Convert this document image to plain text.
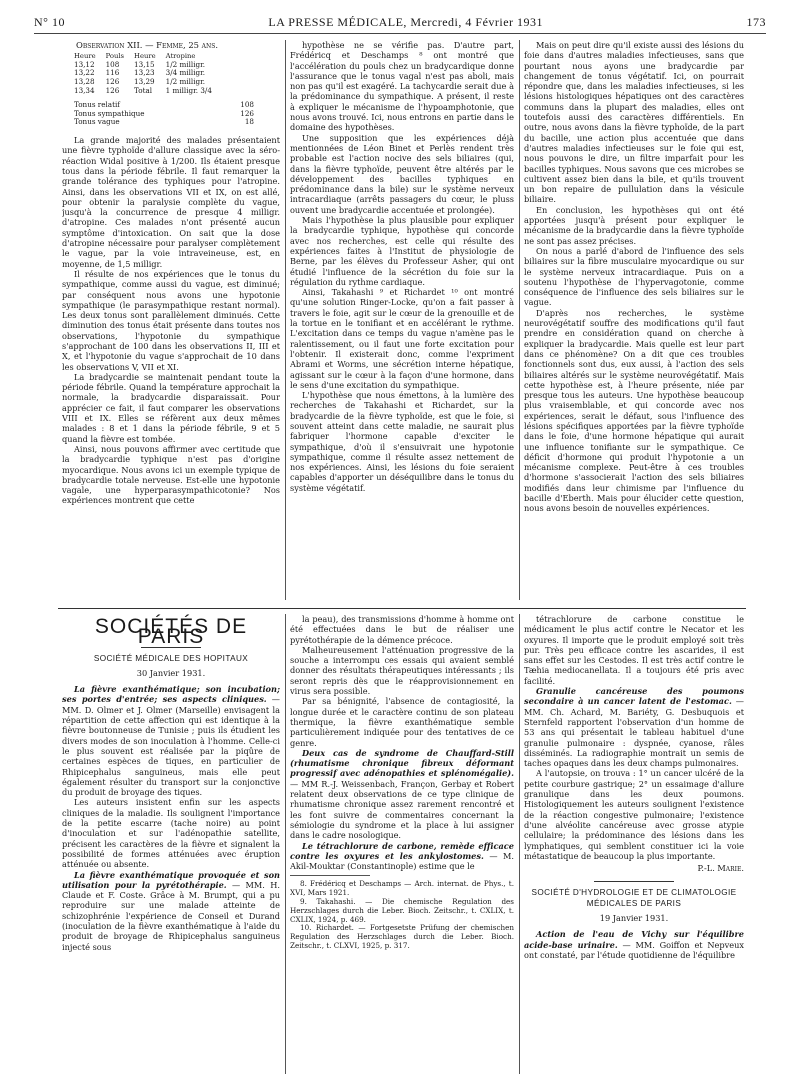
N° 10	LA PRESSE MÉDICALE, Mercredi, 4 Février 1931	173
Observation XII. — Femme, 25 ans.
Heure	Pouls	Heure	Atropine
13,12	108	13,15	1/2 milligr.
13,22	116	13,23	3/4 milligr.
13,28	126	13,29	1/2 milligr.
13,34	126	Total	1 milligr. 3/4
Tonus relatif	108
Tonus sympathique	126
Tonus vague	18

La grande majorité des malades présentaient une fièvre typhoïde d'allure classique avec la séro-réaction Widal positive à 1/200. Ils étaient presque tous dans la période fébrile. Il faut remarquer la grande tolérance des typhiques pour l'atropine. Ainsi, dans les observations VII et IX, on est allé, pour obtenir la paralysie complète du vague, jusqu'à la concurrence de presque 4 milligr. d'atropine. Ces malades n'ont présenté aucun symptôme d'intoxication. On sait que la dose d'atropine nécessaire pour paralyser complètement le vague, par la voie intraveineuse, est, en moyenne, de 1,5 milligr.

Il résulte de nos expériences que le tonus du sympathique, comme aussi du vague, est diminué; par conséquent nous avons une hypotonie sympathique (le parasympathique restant normal). Les deux tonus sont parallèlement diminués. Cette diminution des tonus était présente dans toutes nos observations, l'hypotonie du sympathique s'approchant de 100 dans les observations II, III et X, et l'hypotonie du vague s'approchait de 10 dans les observations V, VII et XI.

La bradycardie se maintenait pendant toute la période fébrile. Quand la température approchait la normale, la bradycardie disparaissait. Pour apprécier ce fait, il faut comparer les observations VIII et IX. Elles se réfèrent aux deux mêmes malades : 8 et 1 dans la période fébrile, 9 et 5 quand la fièvre est tombée.

Ainsi, nous pouvons affirmer avec certitude que la bradycardie typhique n'est pas d'origine myocardique. Nous avons ici un exemple typique de bradycardie totale nerveuse. Est-elle une hypotonie vagale, une hyperparasympathicotonie? Nos expériences montrent que cette

hypothèse ne se vérifie pas. D'autre part, Frédéricq et Deschamps ⁸ ont montré que l'accélération du pouls chez un bradycardique donne l'assurance que le tonus vagal n'est pas aboli, mais non pas qu'il est exagéré. La tachycardie serait due à la prédominance du sympathique. A présent, il reste à expliquer le mécanisme de l'hypoamphotonie, que nous avons trouvé. Ici, nous entrons en partie dans le domaine des hypothèses.

Une supposition que les expériences déjà mentionnées de Léon Binet et Perlès rendent très probable est l'action nocive des sels biliaires (qui, dans la fièvre typhoïde, peuvent être altérés par le développement des bacilles typhiques en prédominance dans la bile) sur le système nerveux intracardiaque (arrêts passagers du cœur, le pluss ouvent une bradycardie accentuée et prolongée).

Mais l'hypothèse la plus plausible pour expliquer la bradycardie typhique, hypothèse qui concorde avec nos recherches, est celle qui résulte des expériences faites à l'Institut de physiologie de Berne, par les élèves du Professeur Asher, qui ont étudié l'influence de la sécrétion du foie sur la régulation du rythme cardiaque.

Ainsi, Takahashi ⁹ et Richardet ¹⁰ ont montré qu'une solution Ringer-Locke, qu'on a fait passer à travers le foie, agit sur le cœur de la grenouille et de la tortue en le tonifiant et en accélérant le rythme. L'excitation dans ce temps du vague n'amène pas le ralentissement, ou il faut une forte excitation pour l'obtenir. Il existerait donc, comme l'expriment Abrami et Worms, une sécrétion interne hépatique, agissant sur le cœur à la façon d'une hormone, dans le sens d'une excitation du sympathique.

L'hypothèse que nous émettons, à la lumière des recherches de Takahashi et Richardet, sur la bradycardie de la fièvre typhoïde, est que le foie, si souvent atteint dans cette maladie, ne saurait plus fabriquer l'hormone capable d'exciter le sympathique, d'où il s'ensuivrait une hypotonie sympathique, comme il résulte assez nettement de nos expériences. Ainsi, les lésions du foie seraient capables d'apporter un déséquilibre dans le tonus du système végétatif.

Mais on peut dire qu'il existe aussi des lésions du foie dans d'autres maladies infectieuses, sans que pourtant nous ayons une bradycardie par changement de tonus végétatif. Ici, on pourrait répondre que, dans les maladies infectieuses, si les lésions histologiques hépatiques ont des caractères communs dans la plupart des maladies, elles ont toutefois aussi des caractères différentiels. En outre, nous avons dans la fièvre typhoïde, de la part du bacille, une action plus accentuée que dans d'autres maladies infectieuses sur le foie qui est, nous pouvons le dire, un filtre imparfait pour les bacilles typhiques. Nous savons que ces microbes se cultivent assez bien dans la bile, et qu'ils trouvent un bon repaire de pullulation dans la vésicule biliaire.

En conclusion, les hypothèses qui ont été apportées jusqu'à présent pour expliquer le mécanisme de la bradycardie dans la fièvre typhoïde ne sont pas assez précises.

On nous a parlé d'abord de l'influence des sels biliaires sur la fibre musculaire myocardique ou sur le système nerveux intracardiaque. Puis on a soutenu l'hypothèse de l'hypervagotonie, comme conséquence de l'influence des sels biliaires sur le vague.

D'après nos recherches, le système neurovégétatif souffre des modifications qu'il faut prendre en considération quand on cherche à expliquer la bradycardie. Mais quelle est leur part dans ce phénomène? On a dit que ces troubles fonctionnels sont dus, eux aussi, à l'action des sels biliaires altérés sur le système neurovégétatif. Mais cette hypothèse est, à l'heure présente, niée par presque tous les auteurs. Une hypothèse beaucoup plus vraisemblable, et qui concorde avec nos expériences, serait le défaut, sous l'influence des lésions spécifiques apportées par la fièvre typhoïde dans le foie, d'une hormone hépatique qui aurait une influence tonifiante sur le sympathique. Ce déficit d'hormone qui produit l'hypotonie a un mécanisme complexe. Peut-être à ces troubles d'hormone s'associerait l'action des sels biliaires modifiés dans leur chimisme par l'influence du bacille d'Eberth. Mais pour élucider cette question, nous avons besoin de nouvelles expériences.

SOCIÉTÉS DE PARIS
SOCIÉTÉ MÉDICALE DES HOPITAUX
30 Janvier 1931.

La fièvre exanthématique; son incubation; ses portes d'entrée; ses aspects cliniques. — MM. D. Olmer et J. Olmer (Marseille) envisagent la répartition de cette affection qui est identique à la fièvre boutonneuse de Tunisie ; puis ils étudient les divers modes de son inoculation à l'homme. Celle-ci le plus souvent est réalisée par la piqûre de certaines espèces de tiques, en particulier de Rhipicephalus sanguineus, mais elle peut également résulter du transport sur la conjonctive du produit de broyage des tiques.

Les auteurs insistent enfin sur les aspects cliniques de la maladie. Ils soulignent l'importance de la petite escarre (tache noire) au point d'inoculation et sur l'adénopathie satellite, précisent les caractères de la fièvre et signalent la possibilité de formes atténuées avec éruption atténuée ou absente.

La fièvre exanthématique provoquée et son utilisation pour la pyrétothérapie. — MM. H. Claude et F. Coste. Grâce à M. Brumpt, qui a pu reproduire sur une malade atteinte de schizophrénie l'expérience de Conseil et Durand (inoculation de la fièvre exanthématique à l'aide du produit de broyage de Rhipicephalus sanguineus injecté sous

la peau), des transmissions d'homme à homme ont été effectuées dans le but de réaliser une pyrétothérapie de la démence précoce.

Malheureusement l'atténuation progressive de la souche a interrompu ces essais qui avaient semblé donner des résultats thérapeutiques intéressants ; ils seront repris dès que le réapprovisionnement en virus sera possible.

Par sa bénignité, l'absence de contagiosité, la longue durée et le caractère continu de son plateau thermique, la fièvre exanthématique semble particulièrement indiquée pour des tentatives de ce genre.

Deux cas de syndrome de Chauffard-Still (rhumatisme chronique fibreux déformant progressif avec adénopathies et splénomégalie). — MM R.-J. Weissenbach, Françon, Gerbay et Robert relatent deux observations de ce type clinique de rhumatisme chronique assez rarement rencontré et les font suivre de commentaires concernant la sémiologie du syndrome et la place à lui assigner dans le cadre nosologique.

Le tétrachlorure de carbone, remède efficace contre les oxyures et les ankylostomes. — M. Akil-Mouktar (Constantinople) estime que le

8. Frédéricq et Deschamps — Arch. internat. de Phys., t. XVI, Mars 1921.

9. Takahashi. — Die chemische Regulation des Herzschlages durch die Leber. Bioch. Zeitschr., t. CXLIX, t. CXLIX, 1924, p. 469.

10. Richardet. — Fortgesetste Prüfung der chemischen Regulation des Herzschlages durch die Leber. Bioch. Zeitschr., t. CLXVI, 1925, p. 317.

tétrachlorure de carbone constitue le médicament le plus actif contre le Necator et les oxyures. Il importe que le produit employé soit très pur. Très peu efficace contre les ascarides, il est sans effet sur les Cestodes. Il est très actif contre le Tæhia mediocanellata. Il a toujours été pris avec facilité.

Granulie cancéreuse des poumons secondaire à un cancer latent de l'estomac. — MM. Ch. Achard, M. Bariéty, G. Desbuquois et Sternfeld rapportent l'observation d'un homme de 53 ans qui présentait le tableau habituel d'une granulie pulmonaire : dyspnée, cyanose, râles disséminés. La radiographie montrait un semis de taches opaques dans les deux champs pulmonaires.

A l'autopsie, on trouva : 1° un cancer ulcéré de la petite courbure gastrique; 2° un essaimage d'allure granulique dans les deux poumons. Histologiquement les auteurs soulignent l'existence de la réaction congestive pulmonaire; l'existence d'une alvéolite cancéreuse avec grosse atypie cellulaire; la prédominance des lésions dans les lymphatiques, qui semblent constituer ici la voie métastatique de beaucoup la plus importante.

P.-L. Marie.
SOCIÉTÉ D'HYDROLOGIE ET DE CLIMATOLOGIE MÉDICALES DE PARIS
19 Janvier 1931.

Action de l'eau de Vichy sur l'équilibre acide-base urinaire. — MM. Goiffon et Nepveux ont constaté, par l'étude quotidienne de l'équilibre
